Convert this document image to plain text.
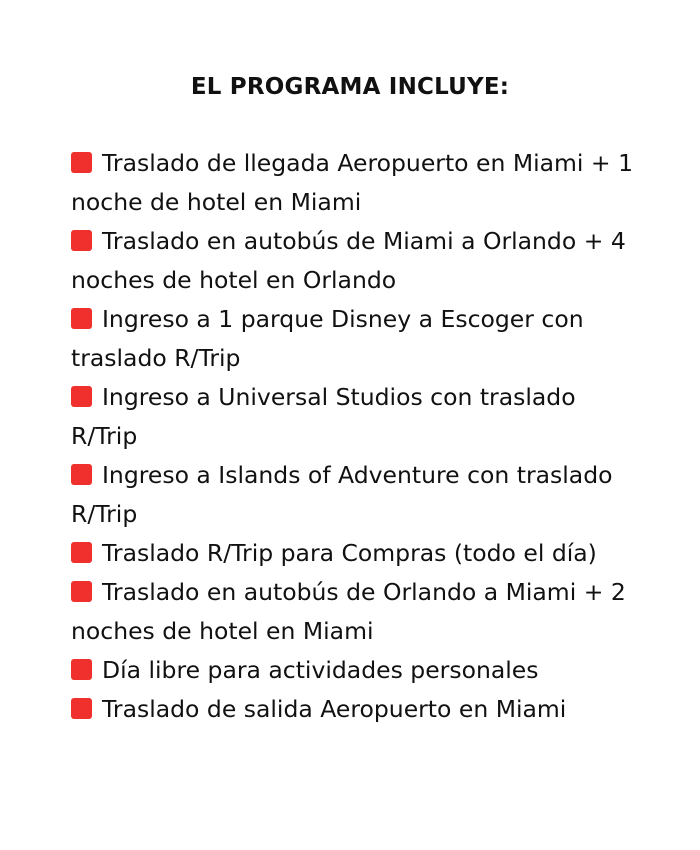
EL PROGRAMA INCLUYE:
Traslado de llegada Aeropuerto en Miami + 1 noche de hotel en Miami
Traslado en autobús de Miami a Orlando + 4 noches de hotel en Orlando
Ingreso a 1 parque Disney a Escoger con traslado R/Trip
Ingreso a Universal Studios con traslado R/Trip
Ingreso a Islands of Adventure con traslado R/Trip
Traslado R/Trip para Compras (todo el día)
Traslado en autobús de Orlando a Miami + 2 noches de hotel en Miami
Día libre para actividades personales
Traslado de salida Aeropuerto en Miami
